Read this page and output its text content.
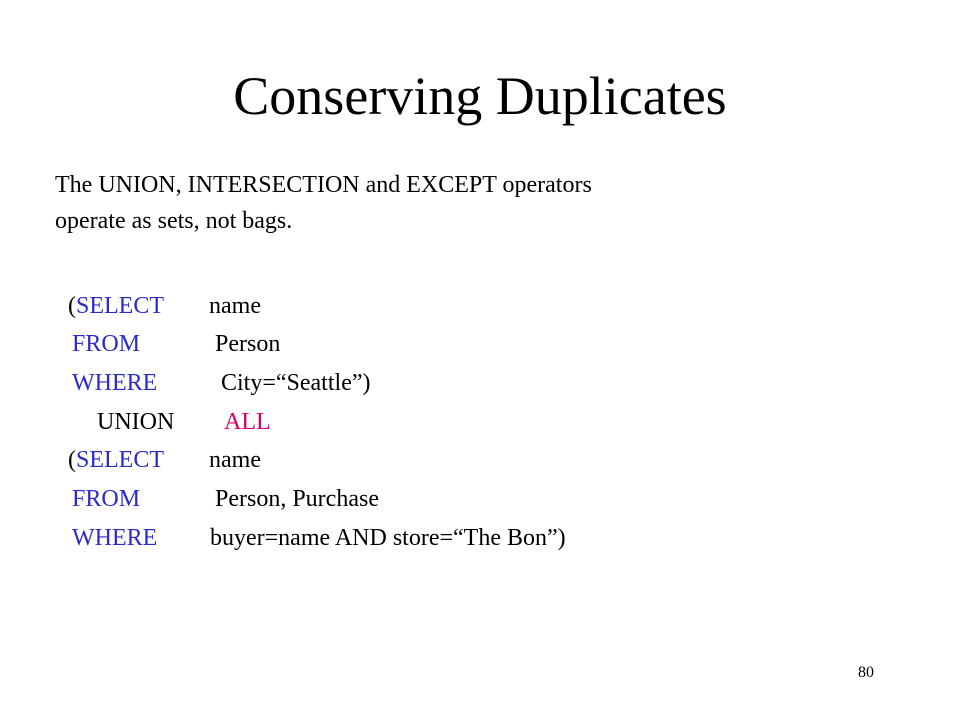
Conserving Duplicates
The UNION, INTERSECTION and EXCEPT operators
operate as sets, not bags.
(SELECT name
FROM	Person
WHERE	City=“Seattle”)
UNION ALL
(SELECT name
FROM	Person, Purchase
WHERE buyer=name AND store=“The Bon”)
80
